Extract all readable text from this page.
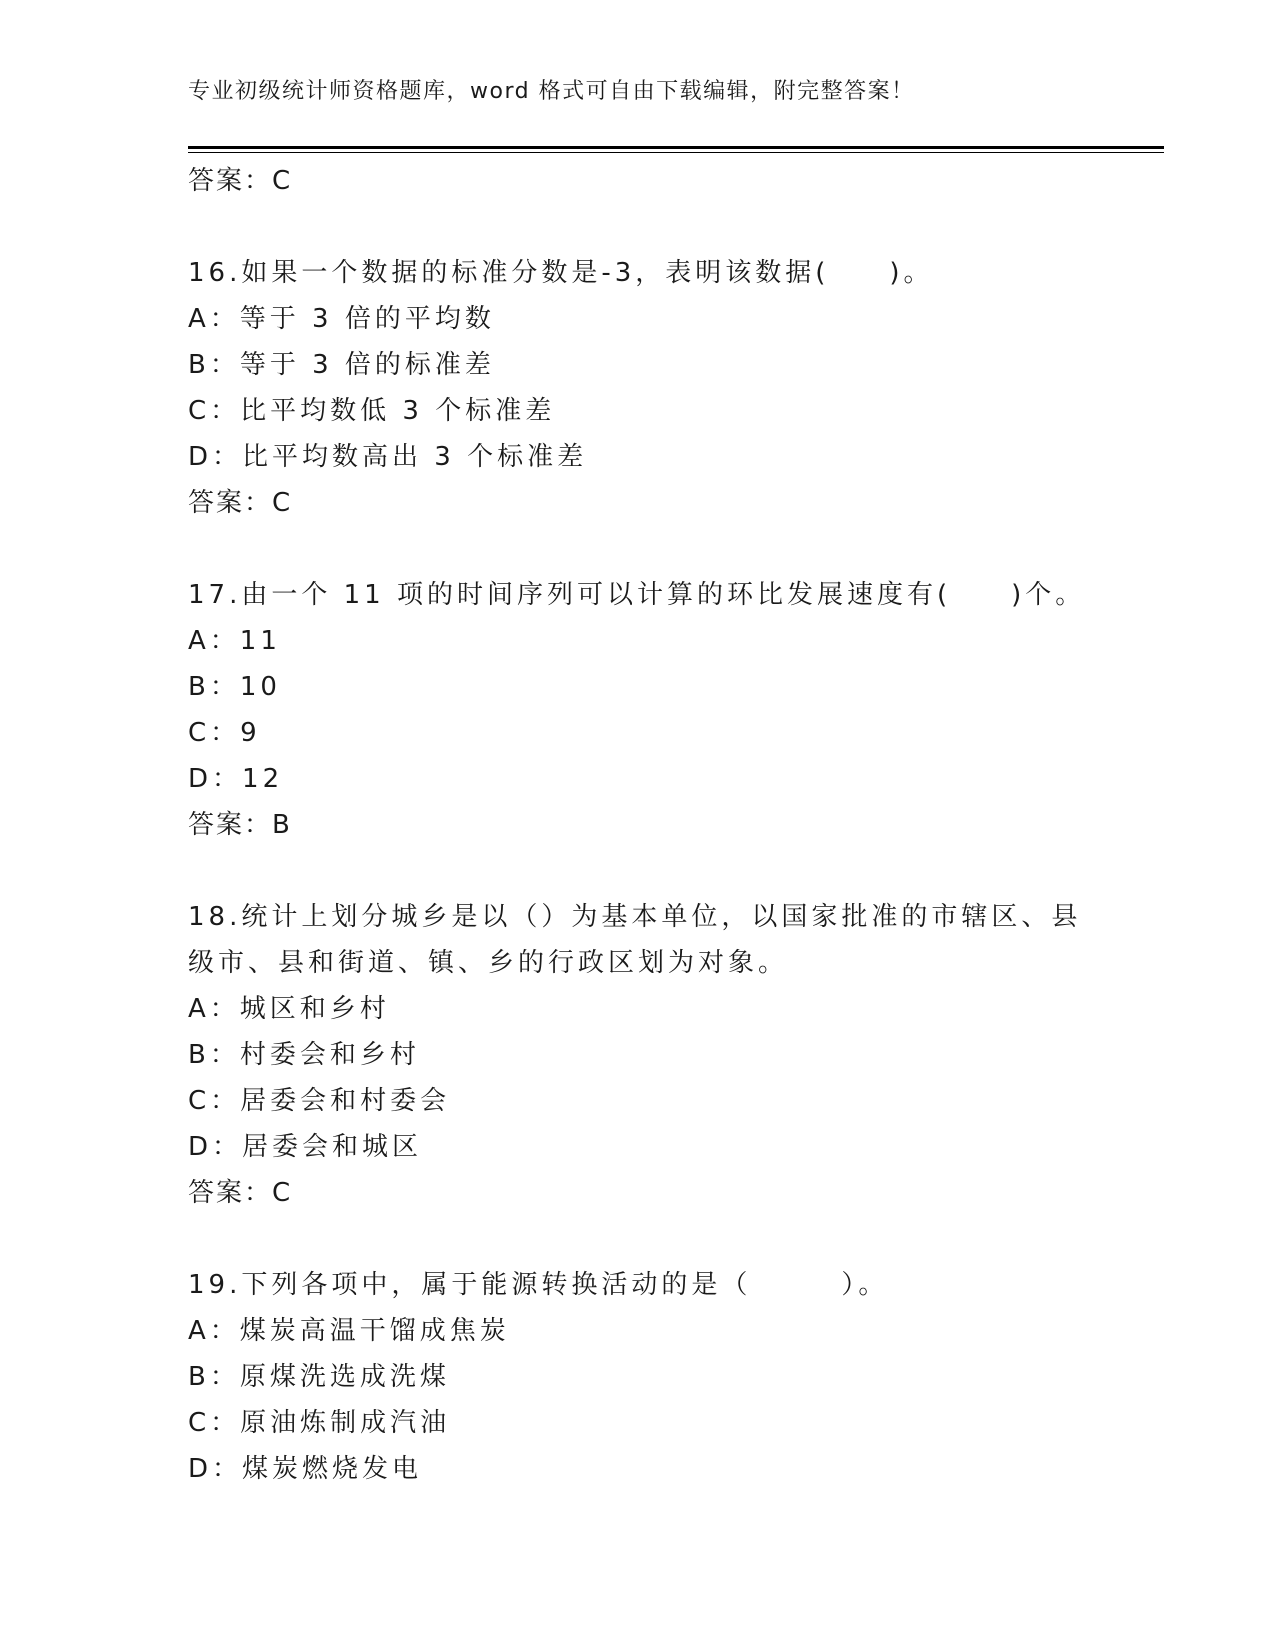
专业初级统计师资格题库，word 格式可自由下载编辑，附完整答案！
答案：C
16.如果一个数据的标准分数是-3，表明该数据(　　)。
A：等于 3 倍的平均数
B：等于 3 倍的标准差
C：比平均数低 3 个标准差
D：比平均数高出 3 个标准差
答案：C
17.由一个 11 项的时间序列可以计算的环比发展速度有(　　)个。
A：11
B：10
C：9
D：12
答案：B
18.统计上划分城乡是以（）为基本单位，以国家批准的市辖区、县级市、县和街道、镇、乡的行政区划为对象。
A：城区和乡村
B：村委会和乡村
C：居委会和村委会
D：居委会和城区
答案：C
19.下列各项中，属于能源转换活动的是（　　　）。
A：煤炭高温干馏成焦炭
B：原煤洗选成洗煤
C：原油炼制成汽油
D：煤炭燃烧发电
